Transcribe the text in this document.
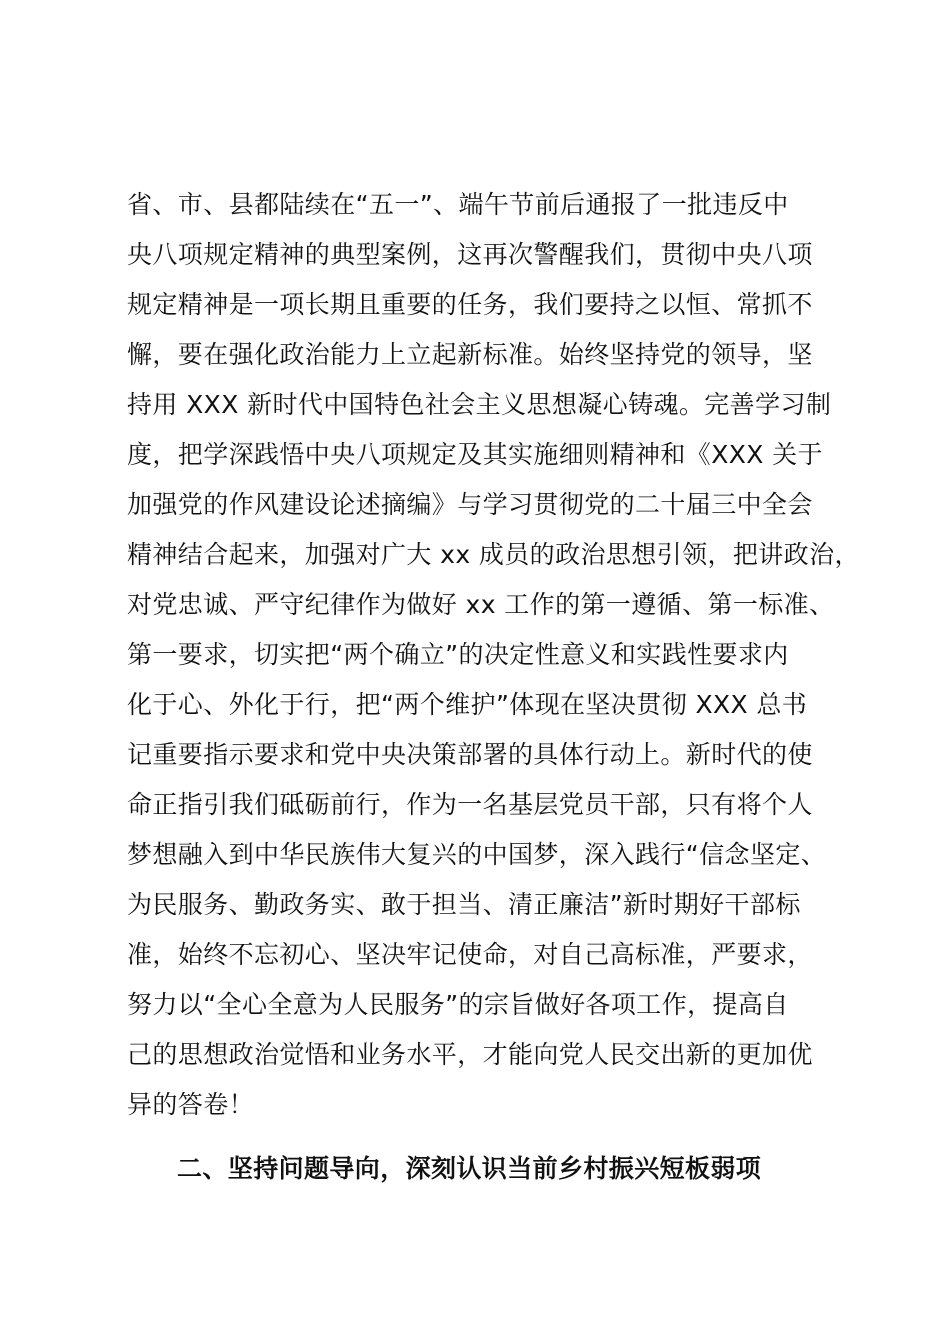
省、市、县都陆续在“五一”、端午节前后通报了一批违反中
央八项规定精神的典型案例，这再次警醒我们，贯彻中央八项
规定精神是一项长期且重要的任务，我们要持之以恒、常抓不
懈，要在强化政治能力上立起新标准。始终坚持党的领导，坚
持用 XXX 新时代中国特色社会主义思想凝心铸魂。完善学习制
度，把学深践悟中央八项规定及其实施细则精神和《XXX 关于
加强党的作风建设论述摘编》与学习贯彻党的二十届三中全会
精神结合起来，加强对广大 xx 成员的政治思想引领，把讲政治，
对党忠诚、严守纪律作为做好 xx 工作的第一遵循、第一标准、
第一要求，切实把“两个确立”的决定性意义和实践性要求内
化于心、外化于行，把“两个维护”体现在坚决贯彻 XXX 总书
记重要指示要求和党中央决策部署的具体行动上。新时代的使
命正指引我们砥砺前行，作为一名基层党员干部，只有将个人
梦想融入到中华民族伟大复兴的中国梦，深入践行“信念坚定、
为民服务、勤政务实、敢于担当、清正廉洁”新时期好干部标
准，始终不忘初心、坚决牢记使命，对自己高标准，严要求，
努力以“全心全意为人民服务”的宗旨做好各项工作，提高自
己的思想政治觉悟和业务水平，才能向党人民交出新的更加优
异的答卷！
二、坚持问题导向，深刻认识当前乡村振兴短板弱项
